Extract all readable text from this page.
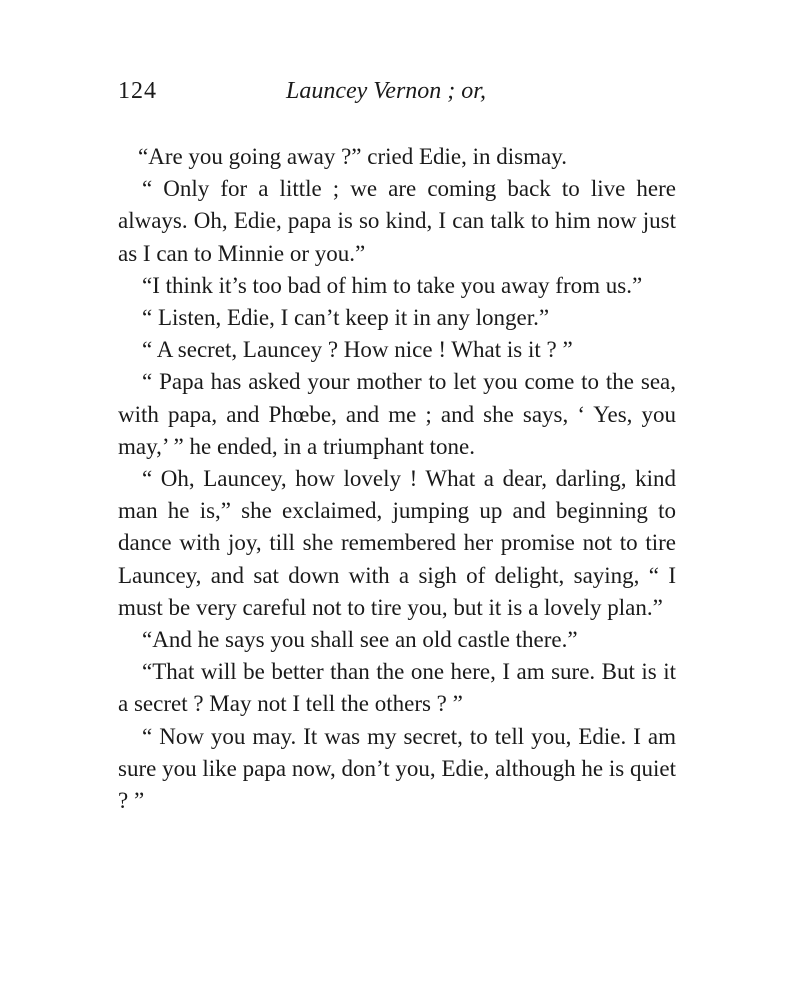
124	Launcey Vernon ; or,

“Are you going away ?” cried Edie, in dismay.

“ Only for a little ; we are coming back to live here always. Oh, Edie, papa is so kind, I can talk to him now just as I can to Minnie or you.”

“I think it’s too bad of him to take you away from us.”

“ Listen, Edie, I can’t keep it in any longer.”

“ A secret, Launcey ? How nice ! What is it ? ”

“ Papa has asked your mother to let you come to the sea, with papa, and Phœbe, and me ; and she says, ‘ Yes, you may,’ ” he ended, in a triumphant tone.

“ Oh, Launcey, how lovely ! What a dear, darling, kind man he is,” she exclaimed, jumping up and beginning to dance with joy, till she remembered her promise not to tire Launcey, and sat down with a sigh of delight, saying, “ I must be very careful not to tire you, but it is a lovely plan.”

“And he says you shall see an old castle there.”

“That will be better than the one here, I am sure. But is it a secret ? May not I tell the others ? ”

“ Now you may. It was my secret, to tell you, Edie. I am sure you like papa now, don’t you, Edie, although he is quiet ? ”
